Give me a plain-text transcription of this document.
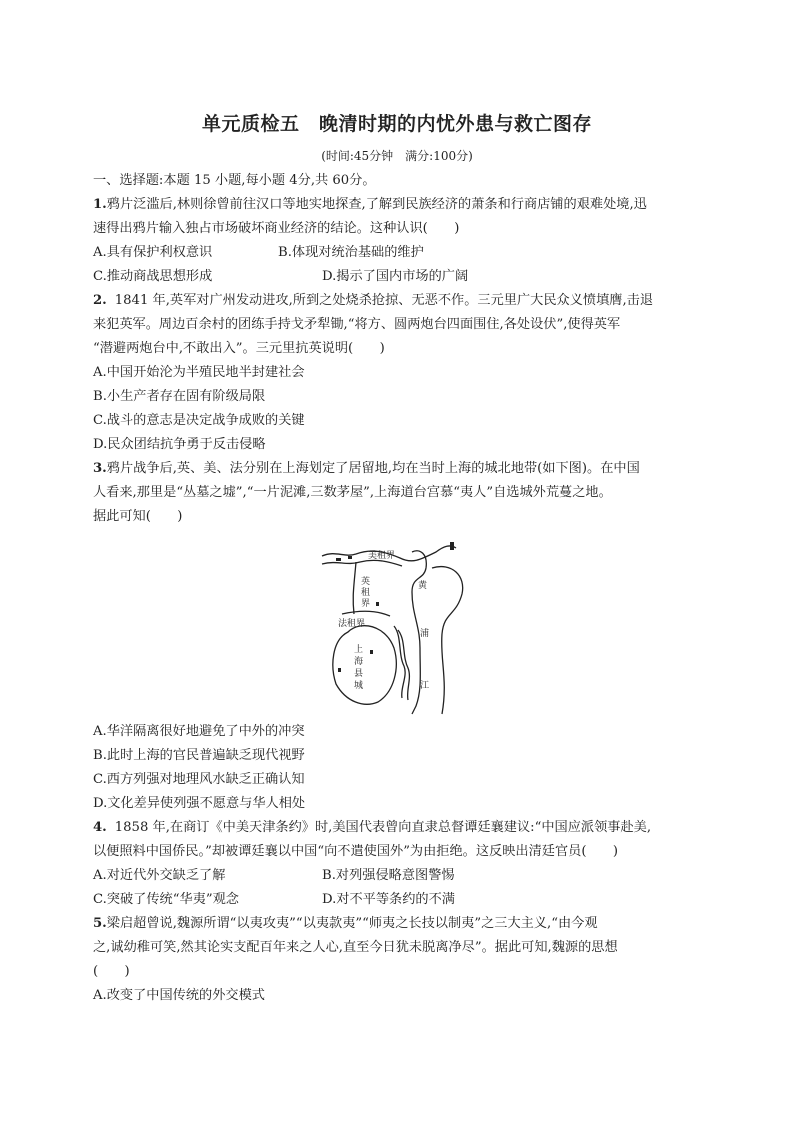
单元质检五　晚清时期的内忧外患与救亡图存
(时间:45分钟　满分:100分)
一、选择题:本题 15 小题,每小题 4分,共 60分。
1.鸦片泛滥后,林则徐曾前往汉口等地实地探查,了解到民族经济的萧条和行商店铺的艰难处境,迅
速得出鸦片输入独占市场破坏商业经济的结论。这种认识(　　)
A.具有保护利权意识	B.体现对统治基础的维护
C.推动商战思想形成	D.揭示了国内市场的广阔
2. 1841 年,英军对广州发动进攻,所到之处烧杀抢掠、无恶不作。三元里广大民众义愤填膺,击退
来犯英军。周边百余村的团练手持戈矛犁锄,“将方、圆两炮台四面围住,各处设伏”,使得英军
“潜避两炮台中,不敢出入”。三元里抗英说明(　　)
A.中国开始沦为半殖民地半封建社会
B.小生产者存在固有阶级局限
C.战斗的意志是决定战争成败的关键
D.民众团结抗争勇于反击侵略
3.鸦片战争后,英、美、法分别在上海划定了居留地,均在当时上海的城北地带(如下图)。在中国
人看来,那里是“丛墓之墟”,“一片泥滩,三数茅屋”,上海道台宫慕“夷人”自选城外荒蔓之地。
据此可知(　　)
美租界
英
租
界
法租界
上
海
县
城
黄
浦
江
A.华洋隔离很好地避免了中外的冲突
B.此时上海的官民普遍缺乏现代视野
C.西方列强对地理风水缺乏正确认知
D.文化差异使列强不愿意与华人相处
4. 1858 年,在商订《中美天津条约》时,美国代表曾向直隶总督谭廷襄建议:“中国应派领事赴美,
以便照料中国侨民。”却被谭廷襄以中国“向不遣使国外”为由拒绝。这反映出清廷官员(　　)
A.对近代外交缺乏了解	B.对列强侵略意图警惕
C.突破了传统“华夷”观念	D.对不平等条约的不满
5.梁启超曾说,魏源所谓“以夷攻夷”“以夷款夷”“师夷之长技以制夷”之三大主义,“由今观
之,诚幼稚可笑,然其论实支配百年来之人心,直至今日犹未脱离净尽”。据此可知,魏源的思想
(　　)
A.改变了中国传统的外交模式
